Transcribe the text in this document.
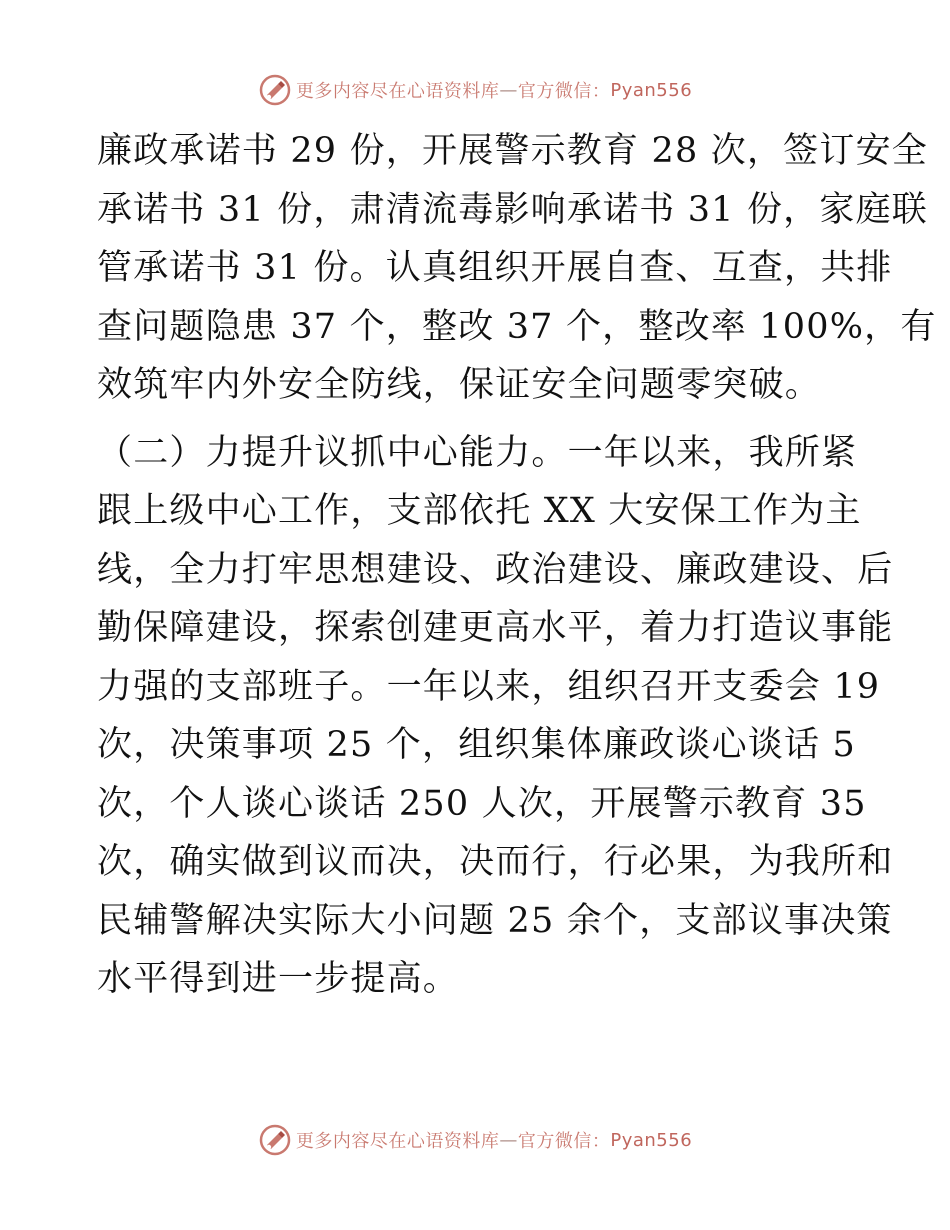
更多内容尽在心语资料库 — 官方微信： Pyan556
廉政承诺书 29 份，开展警示教育 28 次，签订安全
承诺书 31 份，肃清流毒影响承诺书 31 份，家庭联
管承诺书 31 份。认真组织开展自查、互查，共排
查问题隐患 37 个，整改 37 个，整改率 100%，有
效筑牢内外安全防线，保证安全问题零突破。
（二）力提升议抓中心能力。一年以来，我所紧
跟上级中心工作，支部依托 XX 大安保工作为主
线，全力打牢思想建设、政治建设、廉政建设、后
勤保障建设，探索创建更高水平，着力打造议事能
力强的支部班子。一年以来，组织召开支委会 19
次，决策事项 25 个，组织集体廉政谈心谈话 5
次，个人谈心谈话 250 人次，开展警示教育 35
次，确实做到议而决，决而行，行必果，为我所和
民辅警解决实际大小问题 25 余个，支部议事决策
水平得到进一步提高。
更多内容尽在心语资料库 — 官方微信： Pyan556
